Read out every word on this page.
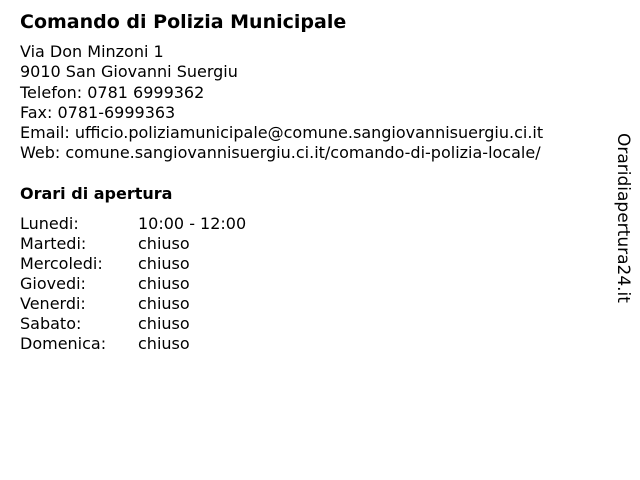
Comando di Polizia Municipale
Via Don Minzoni 1
9010 San Giovanni Suergiu
Telefon: 0781 6999362
Fax: 0781-6999363
Email: ufficio.poliziamunicipale@comune.sangiovannisuergiu.ci.it
Web: comune.sangiovannisuergiu.ci.it/comando-di-polizia-locale/
Orari di apertura
Lunedi:	10:00 - 12:00
Martedi:	chiuso
Mercoledi:	chiuso
Giovedi:	chiuso
Venerdi:	chiuso
Sabato:	chiuso
Domenica:	chiuso
Oraridiapertura24.it
